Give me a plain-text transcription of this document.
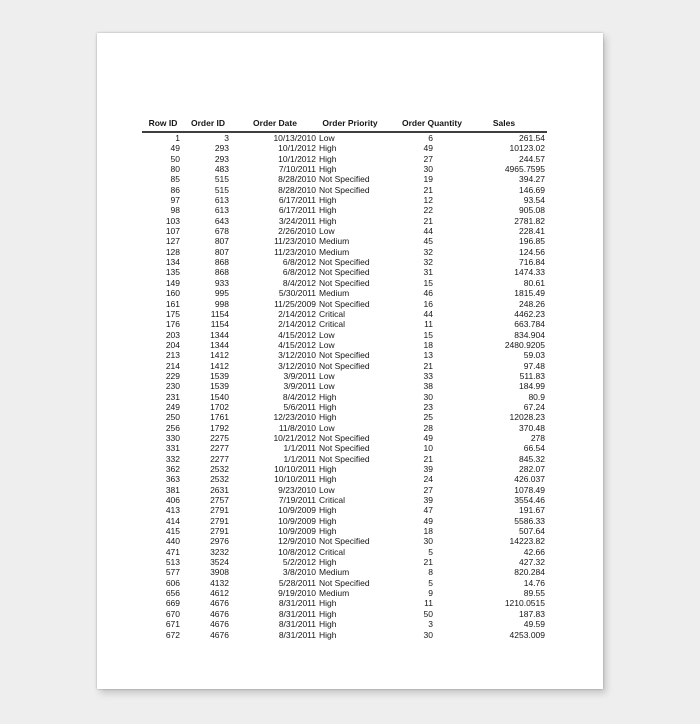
Row ID	Order ID	Order Date	Order Priority	Order Quantity	Sales
1	3	10/13/2010	Low	6	261.54
49	293	10/1/2012	High	49	10123.02
50	293	10/1/2012	High	27	244.57
80	483	7/10/2011	High	30	4965.7595
85	515	8/28/2010	Not Specified	19	394.27
86	515	8/28/2010	Not Specified	21	146.69
97	613	6/17/2011	High	12	93.54
98	613	6/17/2011	High	22	905.08
103	643	3/24/2011	High	21	2781.82
107	678	2/26/2010	Low	44	228.41
127	807	11/23/2010	Medium	45	196.85
128	807	11/23/2010	Medium	32	124.56
134	868	6/8/2012	Not Specified	32	716.84
135	868	6/8/2012	Not Specified	31	1474.33
149	933	8/4/2012	Not Specified	15	80.61
160	995	5/30/2011	Medium	46	1815.49
161	998	11/25/2009	Not Specified	16	248.26
175	1154	2/14/2012	Critical	44	4462.23
176	1154	2/14/2012	Critical	11	663.784
203	1344	4/15/2012	Low	15	834.904
204	1344	4/15/2012	Low	18	2480.9205
213	1412	3/12/2010	Not Specified	13	59.03
214	1412	3/12/2010	Not Specified	21	97.48
229	1539	3/9/2011	Low	33	511.83
230	1539	3/9/2011	Low	38	184.99
231	1540	8/4/2012	High	30	80.9
249	1702	5/6/2011	High	23	67.24
250	1761	12/23/2010	High	25	12028.23
256	1792	11/8/2010	Low	28	370.48
330	2275	10/21/2012	Not Specified	49	278
331	2277	1/1/2011	Not Specified	10	66.54
332	2277	1/1/2011	Not Specified	21	845.32
362	2532	10/10/2011	High	39	282.07
363	2532	10/10/2011	High	24	426.037
381	2631	9/23/2010	Low	27	1078.49
406	2757	7/19/2011	Critical	39	3554.46
413	2791	10/9/2009	High	47	191.67
414	2791	10/9/2009	High	49	5586.33
415	2791	10/9/2009	High	18	507.64
440	2976	12/9/2010	Not Specified	30	14223.82
471	3232	10/8/2012	Critical	5	42.66
513	3524	5/2/2012	High	21	427.32
577	3908	3/8/2010	Medium	8	820.284
606	4132	5/28/2011	Not Specified	5	14.76
656	4612	9/19/2010	Medium	9	89.55
669	4676	8/31/2011	High	11	1210.0515
670	4676	8/31/2011	High	50	187.83
671	4676	8/31/2011	High	3	49.59
672	4676	8/31/2011	High	30	4253.009
